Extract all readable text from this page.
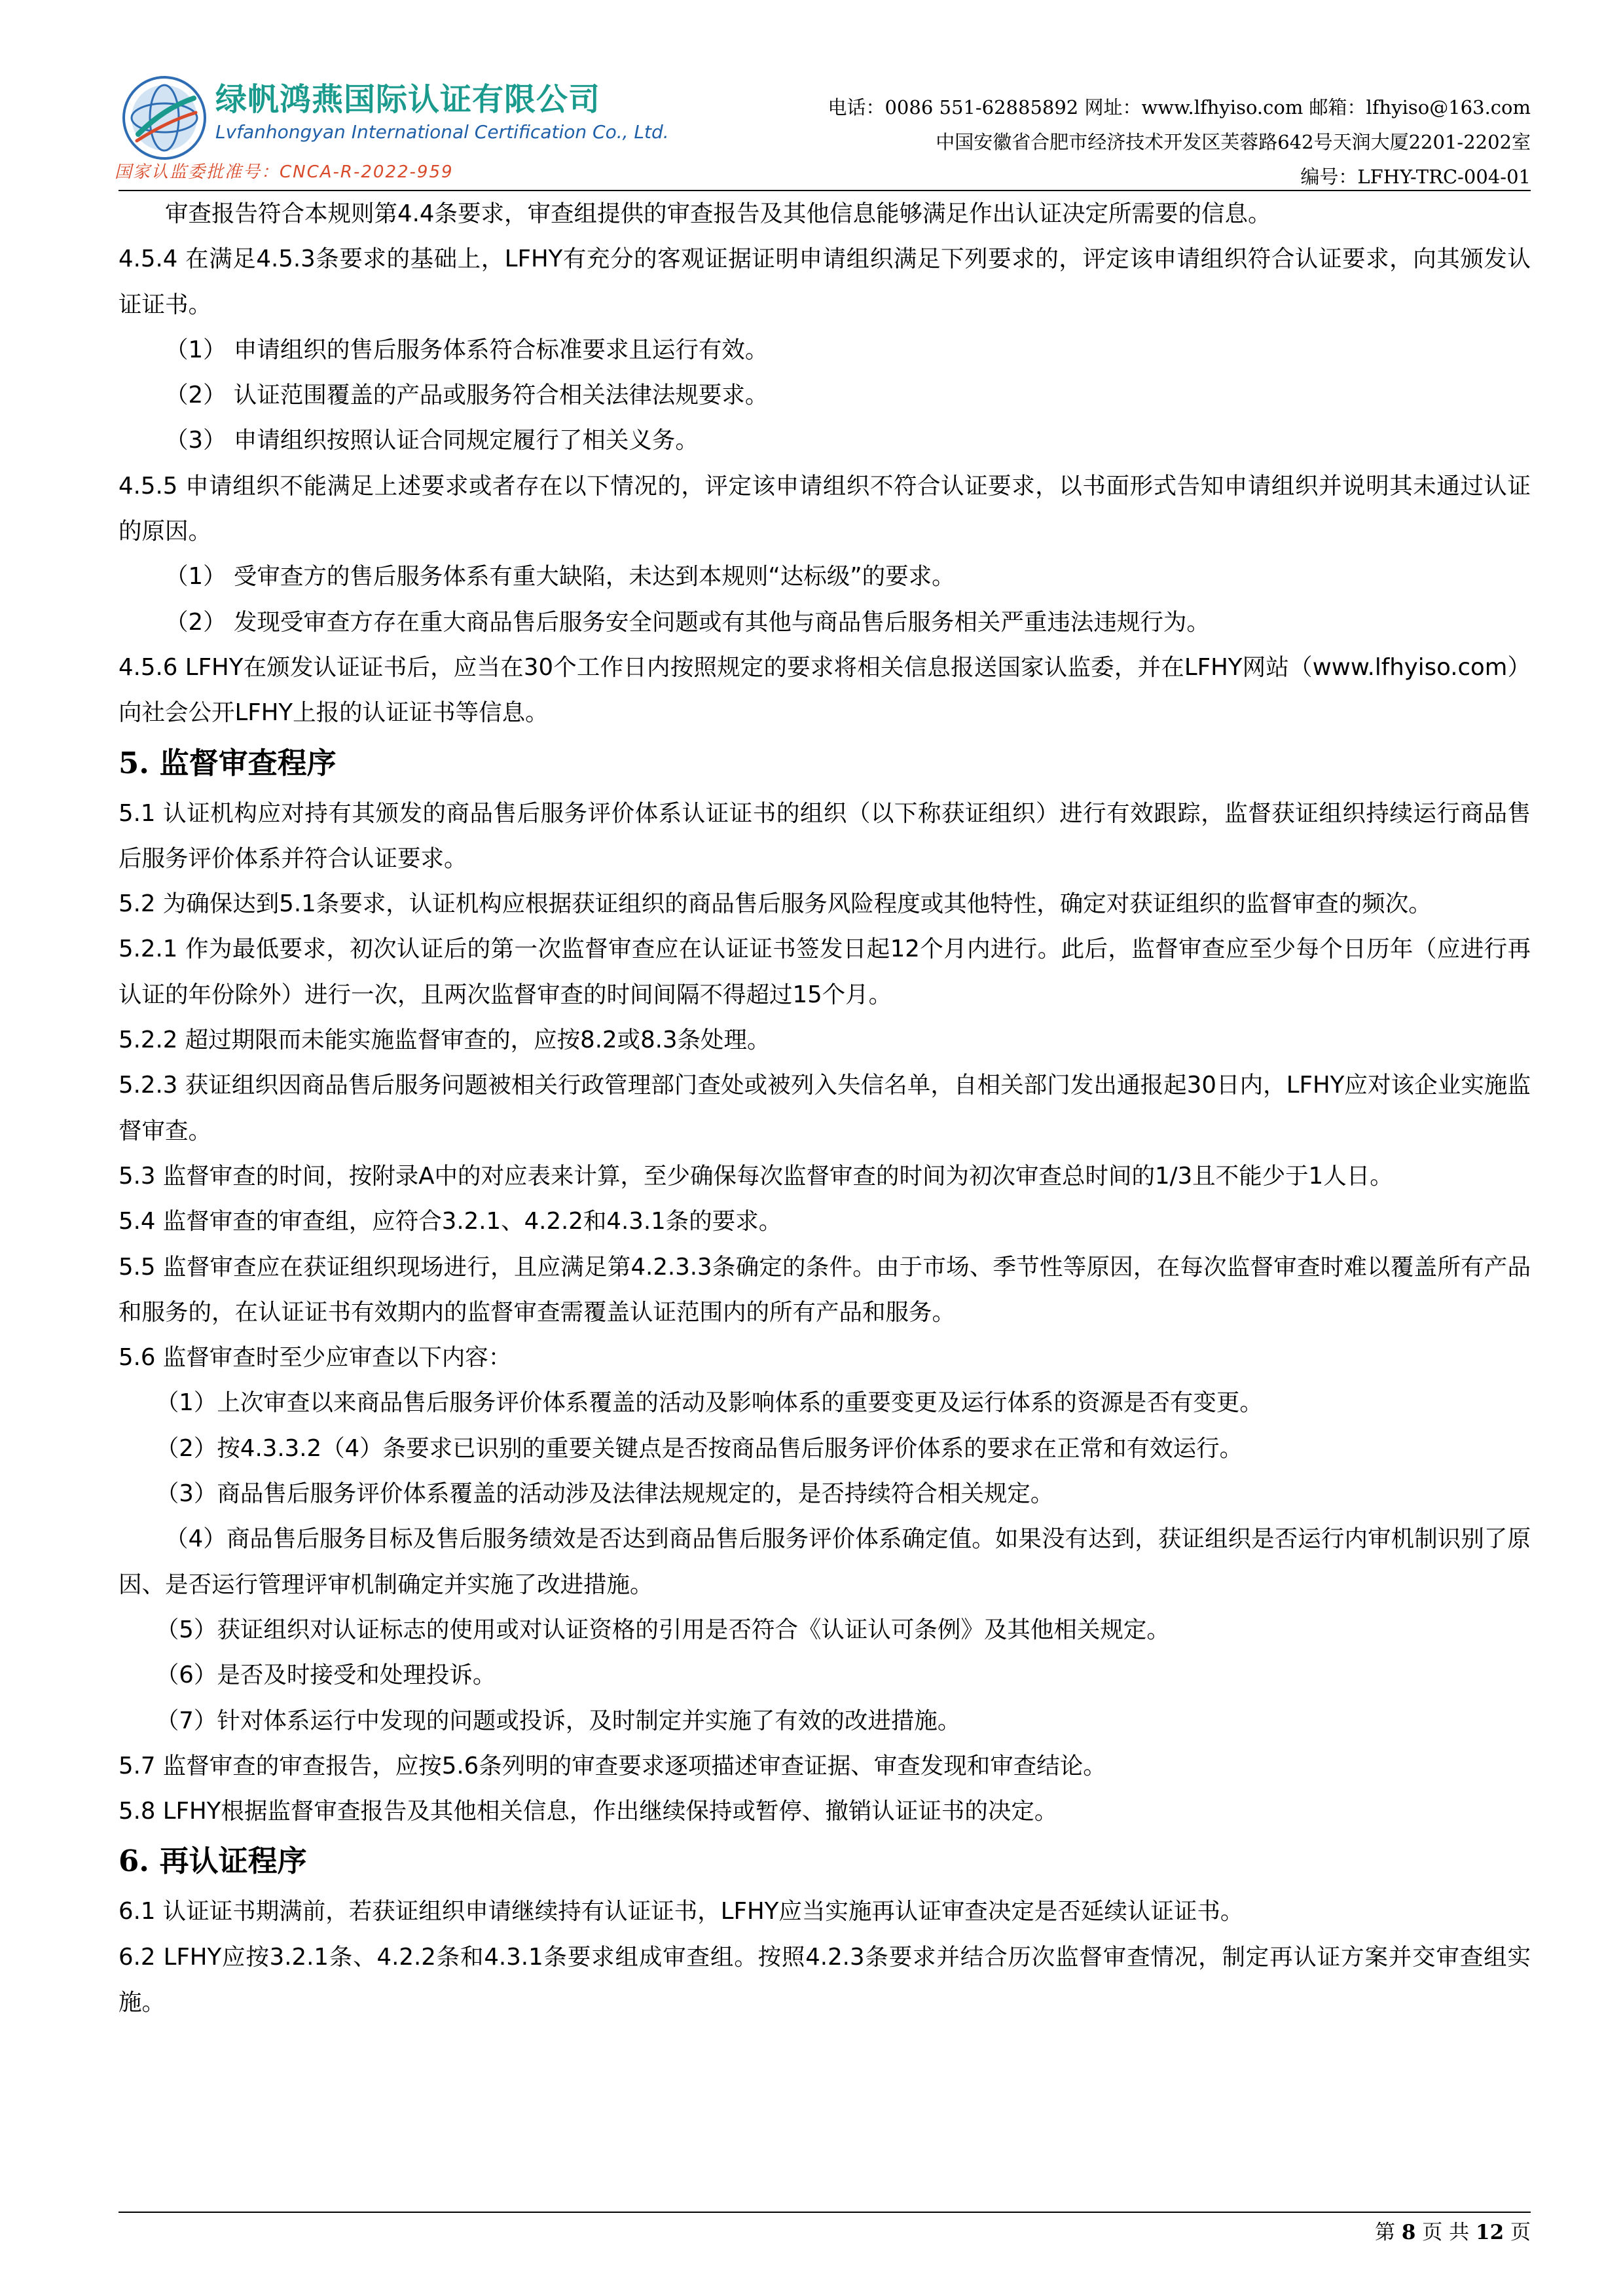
绿帆鸿燕国际认证有限公司
Lvfanhongyan International Certification Co., Ltd.
国家认监委批准号：CNCA-R-2022-959
电话：0086 551-62885892 网址：www.lfhyiso.com 邮箱：lfhyiso@163.com
中国安徽省合肥市经济技术开发区芙蓉路642号天润大厦2201-2202室
编号：LFHY-TRC-004-01

审查报告符合本规则第4.4条要求，审查组提供的审查报告及其他信息能够满足作出认证决定所需要的信息。

4.5.4 在满足4.5.3条要求的基础上，LFHY有充分的客观证据证明申请组织满足下列要求的，评定该申请组织符合认证要求，向其颁发认证证书。

（1） 申请组织的售后服务体系符合标准要求且运行有效。

（2） 认证范围覆盖的产品或服务符合相关法律法规要求。

（3） 申请组织按照认证合同规定履行了相关义务。

4.5.5 申请组织不能满足上述要求或者存在以下情况的，评定该申请组织不符合认证要求，以书面形式告知申请组织并说明其未通过认证的原因。

（1） 受审查方的售后服务体系有重大缺陷，未达到本规则“达标级”的要求。

（2） 发现受审查方存在重大商品售后服务安全问题或有其他与商品售后服务相关严重违法违规行为。

4.5.6 LFHY在颁发认证证书后，应当在30个工作日内按照规定的要求将相关信息报送国家认监委，并在LFHY网站（www.lfhyiso.com）向社会公开LFHY上报的认证证书等信息。

5. 监督审查程序

5.1 认证机构应对持有其颁发的商品售后服务评价体系认证证书的组织（以下称获证组织）进行有效跟踪，监督获证组织持续运行商品售后服务评价体系并符合认证要求。

5.2 为确保达到5.1条要求，认证机构应根据获证组织的商品售后服务风险程度或其他特性，确定对获证组织的监督审查的频次。

5.2.1 作为最低要求，初次认证后的第一次监督审查应在认证证书签发日起12个月内进行。此后，监督审查应至少每个日历年（应进行再认证的年份除外）进行一次，且两次监督审查的时间间隔不得超过15个月。

5.2.2 超过期限而未能实施监督审查的，应按8.2或8.3条处理。

5.2.3 获证组织因商品售后服务问题被相关行政管理部门查处或被列入失信名单，自相关部门发出通报起30日内，LFHY应对该企业实施监督审查。

5.3 监督审查的时间，按附录A中的对应表来计算，至少确保每次监督审查的时间为初次审查总时间的1/3且不能少于1人日。

5.4 监督审查的审查组，应符合3.2.1、4.2.2和4.3.1条的要求。

5.5 监督审查应在获证组织现场进行，且应满足第4.2.3.3条确定的条件。由于市场、季节性等原因，在每次监督审查时难以覆盖所有产品和服务的，在认证证书有效期内的监督审查需覆盖认证范围内的所有产品和服务。

5.6 监督审查时至少应审查以下内容：

（1）上次审查以来商品售后服务评价体系覆盖的活动及影响体系的重要变更及运行体系的资源是否有变更。

（2）按4.3.3.2（4）条要求已识别的重要关键点是否按商品售后服务评价体系的要求在正常和有效运行。

（3）商品售后服务评价体系覆盖的活动涉及法律法规规定的，是否持续符合相关规定。

（4）商品售后服务目标及售后服务绩效是否达到商品售后服务评价体系确定值。如果没有达到，获证组织是否运行内审机制识别了原因、是否运行管理评审机制确定并实施了改进措施。

（5）获证组织对认证标志的使用或对认证资格的引用是否符合《认证认可条例》及其他相关规定。

（6）是否及时接受和处理投诉。

（7）针对体系运行中发现的问题或投诉，及时制定并实施了有效的改进措施。

5.7 监督审查的审查报告，应按5.6条列明的审查要求逐项描述审查证据、审查发现和审查结论。

5.8 LFHY根据监督审查报告及其他相关信息，作出继续保持或暂停、撤销认证证书的决定。

6. 再认证程序

6.1 认证证书期满前，若获证组织申请继续持有认证证书，LFHY应当实施再认证审查决定是否延续认证证书。

6.2 LFHY应按3.2.1条、4.2.2条和4.3.1条要求组成审查组。按照4.2.3条要求并结合历次监督审查情况，制定再认证方案并交审查组实施。

第 8 页 共 12 页
